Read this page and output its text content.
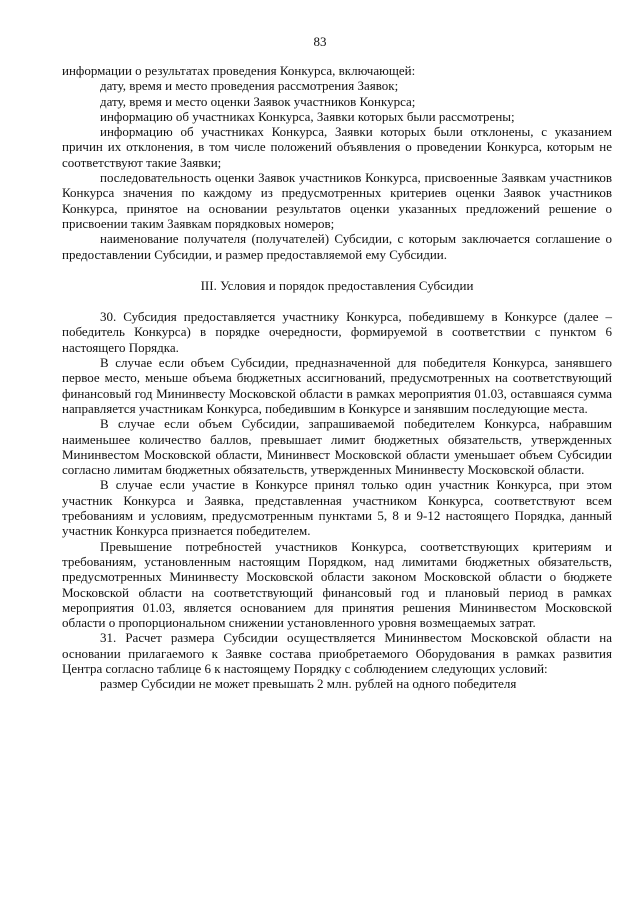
83

информации о результатах проведения Конкурса, включающей:

дату, время и место проведения рассмотрения Заявок;

дату, время и место оценки Заявок участников Конкурса;

информацию об участниках Конкурса, Заявки которых были рассмотрены;

информацию об участниках Конкурса, Заявки которых были отклонены, с указанием причин их отклонения, в том числе положений объявления о проведении Конкурса, которым не соответствуют такие Заявки;

последовательность оценки Заявок участников Конкурса, присвоенные Заявкам участников Конкурса значения по каждому из предусмотренных критериев оценки Заявок участников Конкурса, принятое на основании результатов оценки указанных предложений решение о присвоении таким Заявкам порядковых номеров;

наименование получателя (получателей) Субсидии, с которым заключается соглашение о предоставлении Субсидии, и размер предоставляемой ему Субсидии.

III. Условия и порядок предоставления Субсидии

30. Субсидия предоставляется участнику Конкурса, победившему в Конкурсе (далее – победитель Конкурса) в порядке очередности, формируемой в соответствии с пунктом 6 настоящего Порядка.

В случае если объем Субсидии, предназначенной для победителя Конкурса, занявшего первое место, меньше объема бюджетных ассигнований, предусмотренных на соответствующий финансовый год Мининвесту Московской области в рамках мероприятия 01.03, оставшаяся сумма направляется участникам Конкурса, победившим в Конкурсе и занявшим последующие места.

В случае если объем Субсидии, запрашиваемой победителем Конкурса, набравшим наименьшее количество баллов, превышает лимит бюджетных обязательств, утвержденных Мининвестом Московской области, Мининвест Московской области уменьшает объем Субсидии согласно лимитам бюджетных обязательств, утвержденных Мининвесту Московской области.

В случае если участие в Конкурсе принял только один участник Конкурса, при этом участник Конкурса и Заявка, представленная участником Конкурса, соответствуют всем требованиям и условиям, предусмотренным пунктами 5, 8 и 9-12 настоящего Порядка, данный участник Конкурса признается победителем.

Превышение потребностей участников Конкурса, соответствующих критериям и требованиям, установленным настоящим Порядком, над лимитами бюджетных обязательств, предусмотренных Мининвесту Московской области законом Московской области о бюджете Московской области на соответствующий финансовый год и плановый период в рамках мероприятия 01.03, является основанием для принятия решения Мининвестом Московской области о пропорциональном снижении установленного уровня возмещаемых затрат.

31. Расчет размера Субсидии осуществляется Мининвестом Московской области на основании прилагаемого к Заявке состава приобретаемого Оборудования в рамках развития Центра согласно таблице 6 к настоящему Порядку с соблюдением следующих условий:

размер Субсидии не может превышать 2 млн. рублей на одного победителя
